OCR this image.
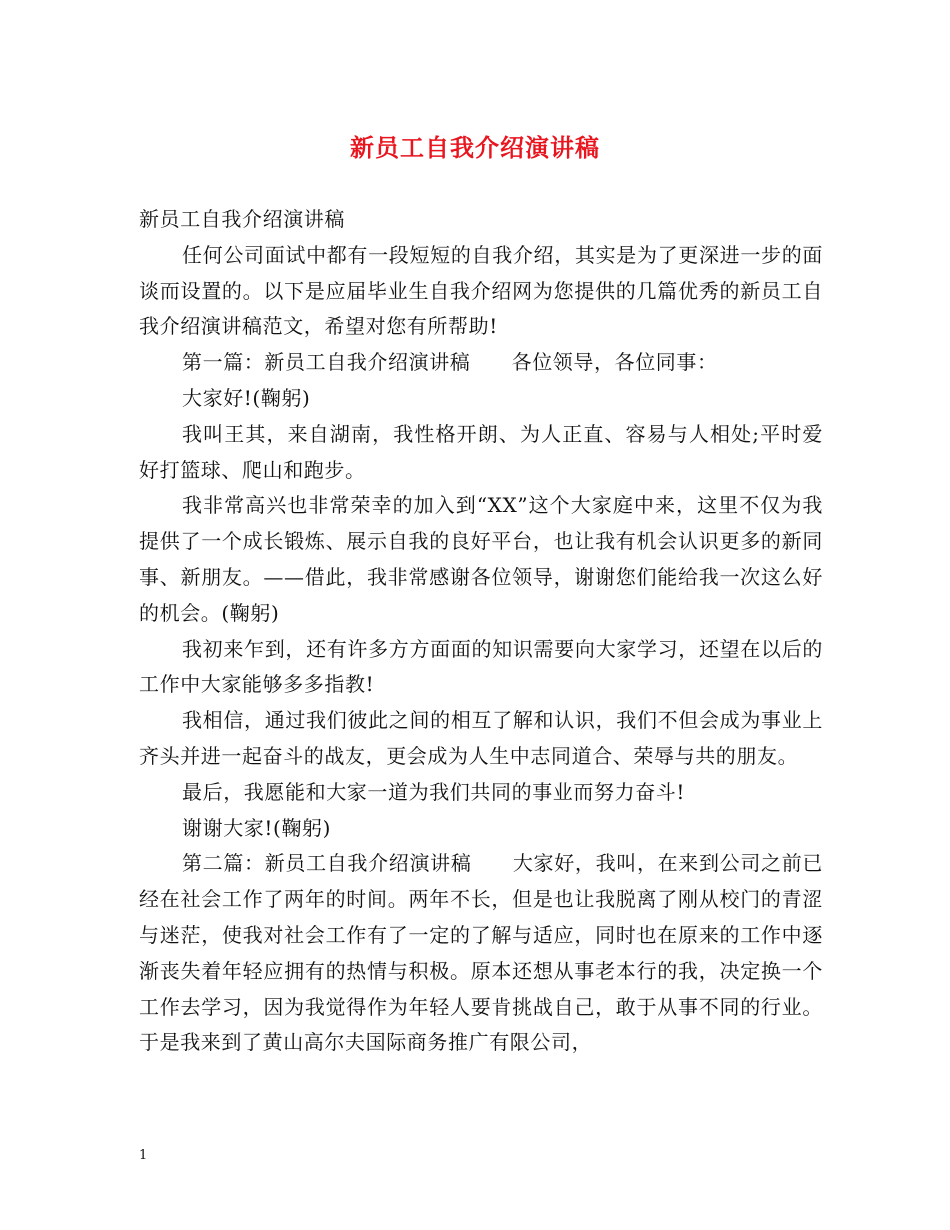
新员工自我介绍演讲稿

新员工自我介绍演讲稿

任何公司面试中都有一段短短的自我介绍，其实是为了更深进一步的面谈而设置的。以下是应届毕业生自我介绍网为您提供的几篇优秀的新员工自我介绍演讲稿范文，希望对您有所帮助!

第一篇：新员工自我介绍演讲稿　　各位领导，各位同事：

大家好!(鞠躬)

我叫王其，来自湖南，我性格开朗、为人正直、容易与人相处;平时爱好打篮球、爬山和跑步。

我非常高兴也非常荣幸的加入到“XX”这个大家庭中来，这里不仅为我提供了一个成长锻炼、展示自我的良好平台，也让我有机会认识更多的新同事、新朋友。——借此，我非常感谢各位领导，谢谢您们能给我一次这么好的机会。(鞠躬)

我初来乍到，还有许多方方面面的知识需要向大家学习，还望在以后的工作中大家能够多多指教!

我相信，通过我们彼此之间的相互了解和认识，我们不但会成为事业上齐头并进一起奋斗的战友，更会成为人生中志同道合、荣辱与共的朋友。

最后，我愿能和大家一道为我们共同的事业而努力奋斗!

谢谢大家!(鞠躬)

第二篇：新员工自我介绍演讲稿　　大家好，我叫，在来到公司之前已经在社会工作了两年的时间。两年不长，但是也让我脱离了刚从校门的青涩与迷茫，使我对社会工作有了一定的了解与适应，同时也在原来的工作中逐渐丧失着年轻应拥有的热情与积极。原本还想从事老本行的我，决定换一个工作去学习，因为我觉得作为年轻人要肯挑战自己，敢于从事不同的行业。于是我来到了黄山高尔夫国际商务推广有限公司，

1
